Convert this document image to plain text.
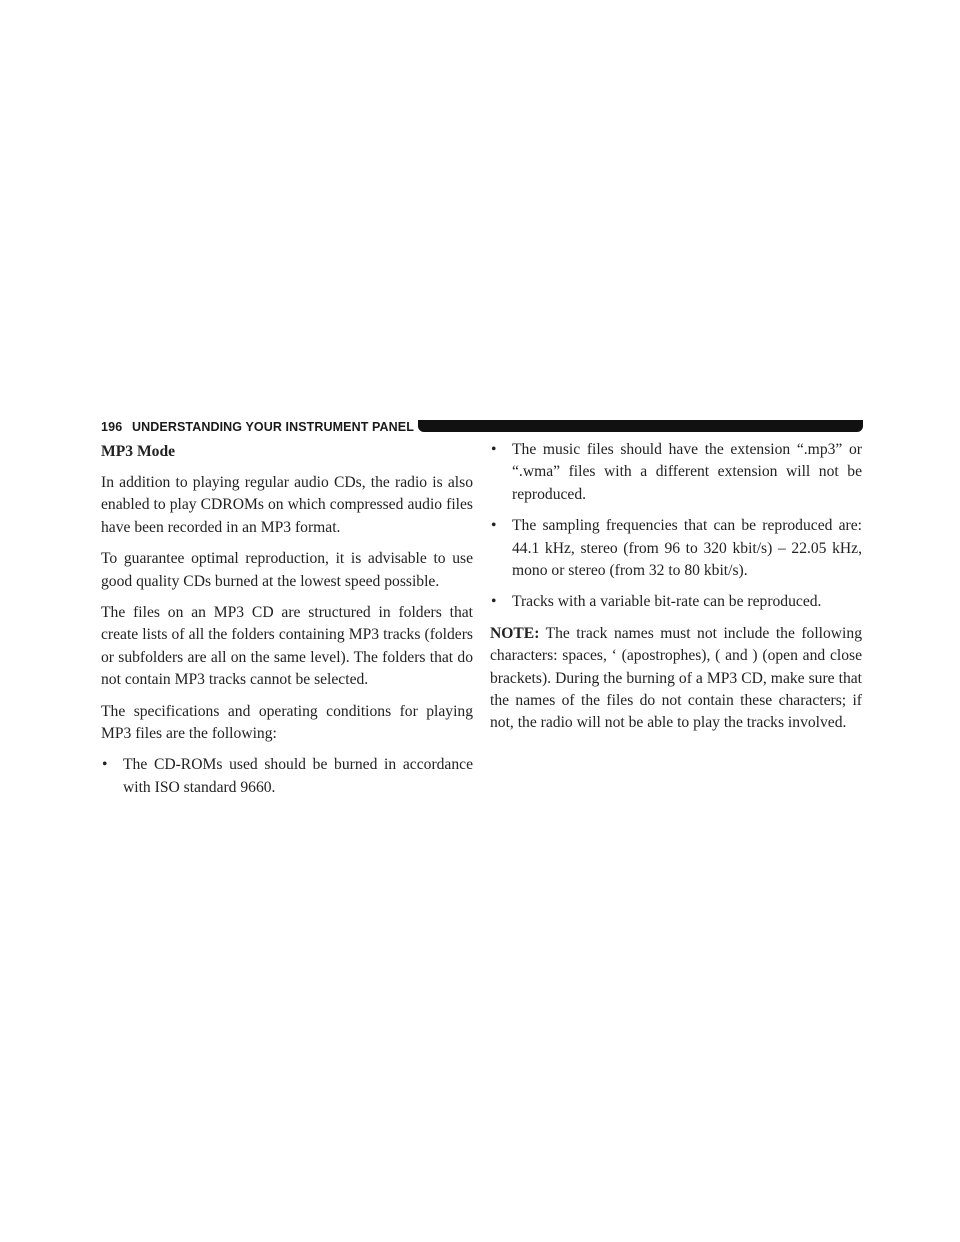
196 UNDERSTANDING YOUR INSTRUMENT PANEL
MP3 Mode

In addition to playing regular audio CDs, the radio is also enabled to play CDROMs on which compressed audio files have been recorded in an MP3 format.

To guarantee optimal reproduction, it is advisable to use good quality CDs burned at the lowest speed possible.

The files on an MP3 CD are structured in folders that create lists of all the folders containing MP3 tracks (folders or subfolders are all on the same level). The folders that do not contain MP3 tracks cannot be selected.

The specifications and operating conditions for playing MP3 files are the following:

• The CD-ROMs used should be burned in accordance with ISO standard 9660.
• The music files should have the extension “.mp3” or “.wma” files with a different extension will not be reproduced.
• The sampling frequencies that can be reproduced are: 44.1 kHz, stereo (from 96 to 320 kbit/s) – 22.05 kHz, mono or stereo (from 32 to 80 kbit/s).
• Tracks with a variable bit-rate can be reproduced.

NOTE: The track names must not include the following characters: spaces, ‘ (apostrophes), ( and ) (open and close brackets). During the burning of a MP3 CD, make sure that the names of the files do not contain these characters; if not, the radio will not be able to play the tracks involved.
